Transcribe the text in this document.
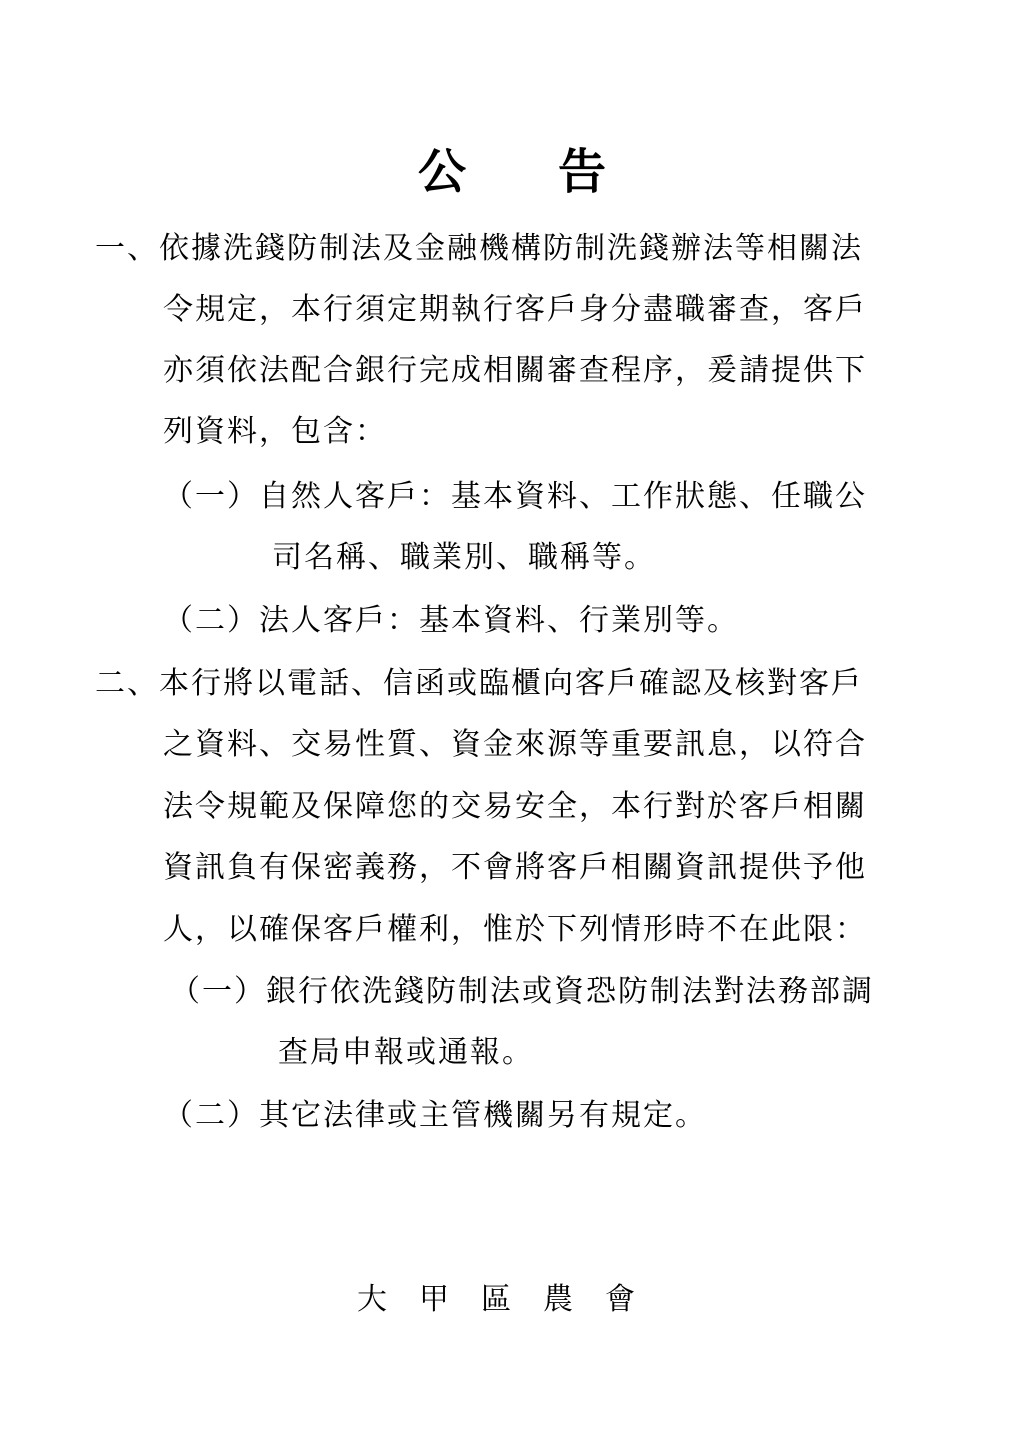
公 告
一、依據洗錢防制法及金融機構防制洗錢辦法等相關法
令規定，本行須定期執行客戶身分盡職審查，客戶
亦須依法配合銀行完成相關審查程序，爰請提供下
列資料，包含：
（一）自然人客戶：基本資料、工作狀態、任職公
司名稱、職業別、職稱等。
（二）法人客戶：基本資料、行業別等。
二、本行將以電話、信函或臨櫃向客戶確認及核對客戶
之資料、交易性質、資金來源等重要訊息，以符合
法令規範及保障您的交易安全，本行對於客戶相關
資訊負有保密義務，不會將客戶相關資訊提供予他
人，以確保客戶權利，惟於下列情形時不在此限：
（一）銀行依洗錢防制法或資恐防制法對法務部調
查局申報或通報。
（二）其它法律或主管機關另有規定。
大甲區農會
